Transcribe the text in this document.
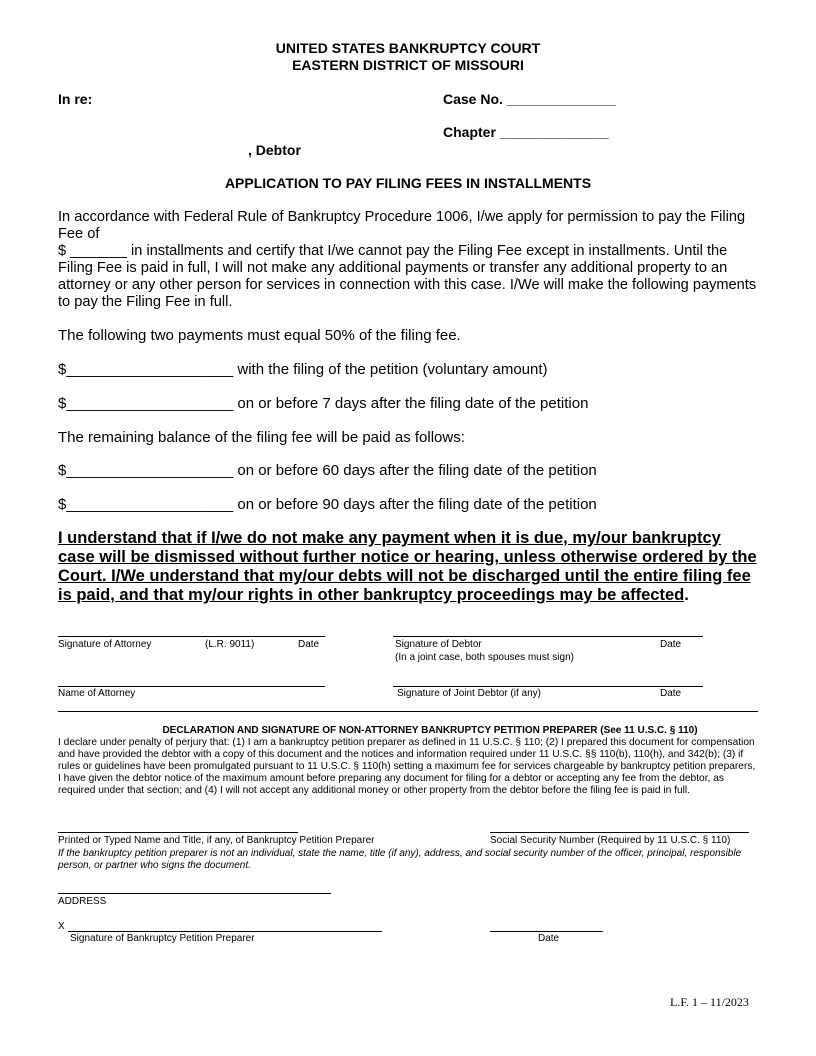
UNITED STATES BANKRUPTCY COURT
EASTERN DISTRICT OF MISSOURI
In re:	Case No. ______________
Chapter ______________
, Debtor
APPLICATION TO PAY FILING FEES IN INSTALLMENTS
In accordance with Federal Rule of Bankruptcy Procedure 1006, I/we apply for permission to pay the Filing Fee of
$ _______ in installments and certify that I/we cannot pay the Filing Fee except in installments. Until the Filing Fee is paid in full, I will not make any additional payments or transfer any additional property to an attorney or any other person for services in connection with this case. I/We will make the following payments to pay the Filing Fee in full.
The following two payments must equal 50% of the filing fee.
$____________________ with the filing of the petition (voluntary amount)
$____________________ on or before 7 days after the filing date of the petition
The remaining balance of the filing fee will be paid as follows:
$____________________ on or before 60 days after the filing date of the petition
$____________________ on or before 90 days after the filing date of the petition
I understand that if I/we do not make any payment when it is due, my/our bankruptcy case will be dismissed without further notice or hearing, unless otherwise ordered by the Court. I/We understand that my/our debts will not be discharged until the entire filing fee is paid, and that my/our rights in other bankruptcy proceedings may be affected.
Signature of Attorney	(L.R. 9011)	Date	Signature of Debtor	Date
(In a joint case, both spouses must sign)
Name of Attorney	Signature of Joint Debtor (if any)	Date
DECLARATION AND SIGNATURE OF NON-ATTORNEY BANKRUPTCY PETITION PREPARER (See 11 U.S.C. § 110)
I declare under penalty of perjury that: (1) I am a bankruptcy petition preparer as defined in 11 U.S.C. § 110; (2) I prepared this document for compensation and have provided the debtor with a copy of this document and the notices and information required under 11 U.S.C. §§ 110(b), 110(h), and 342(b); (3) if rules or guidelines have been promulgated pursuant to 11 U.S.C. § 110(h) setting a maximum fee for services chargeable by bankruptcy petition preparers, I have given the debtor notice of the maximum amount before preparing any document for filing for a debtor or accepting any fee from the debtor, as required under that section; and (4) I will not accept any additional money or other property from the debtor before the filing fee is paid in full.
Printed or Typed Name and Title, if any, of Bankruptcy Petition Preparer	Social Security Number (Required by 11 U.S.C. § 110)
If the bankruptcy petition preparer is not an individual, state the name, title (if any), address, and social security number of the officer, principal, responsible person, or partner who signs the document.
ADDRESS
X
Signature of Bankruptcy Petition Preparer	Date
L.F. 1 – 11/2023
